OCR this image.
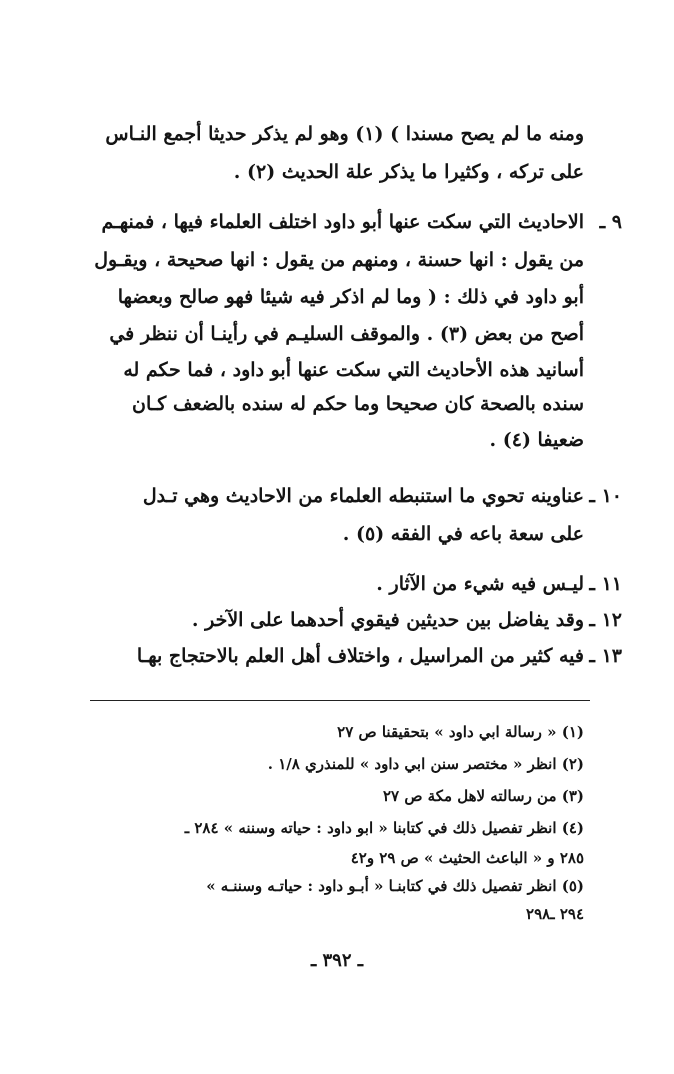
ومنه ما لم يصح مسندا ) (١) وهو لم يذكر حديثا أجمع النـاس
على تركه ، وكثيرا ما يذكر علة الحديث (٢) .
٩ ـ
الاحاديث التي سكت عنها أبو داود اختلف العلماء فيها ، فمنهـم
من يقول : انها حسنة ، ومنهم من يقول : انها صحيحة ، ويقـول
أبو داود في ذلك : ( وما لم اذكر فيه شيئا فهو صالح وبعضها
أصح من بعض (٣) . والموقف السليـم في رأينـا أن ننظر في
أسانيد هذه الأحاديث التي سكت عنها أبو داود ، فما حكم له
سنده بالصحة كان صحيحا وما حكم له سنده بالضعف كـان
ضعيفا (٤) .
١٠ ـ
عناوينه تحوي ما استنبطه العلماء من الاحاديث وهي تـدل
على سعة باعه في الفقه (٥) .
١١ ـ
ليـس فيه شيء من الآثار .
١٢ ـ
وقد يفاضل بين حديثين فيقوي أحدهما على الآخر .
١٣ ـ
فيه كثير من المراسيل ، واختلاف أهل العلم بالاحتجاج بهـا
(١) « رسالة ابي داود » بتحقيقنا ص ٢٧
(٢) انظر « مختصر سنن ابي داود » للمنذري ١/٨ .
(٣) من رسالته لاهل مكة ص ٢٧
(٤) انظر تفصيل ذلك في كتابنا « ابو داود : حياته وسننه » ٢٨٤ ـ
٢٨٥ و « الباعث الحثيث » ص ٢٩ و٤٢
(٥) انظر تفصيل ذلك في كتابنـا « أبـو داود : حياتـه وسننـه »
٢٩٤ ـ٢٩٨
ـ ٣٩٢ ـ
